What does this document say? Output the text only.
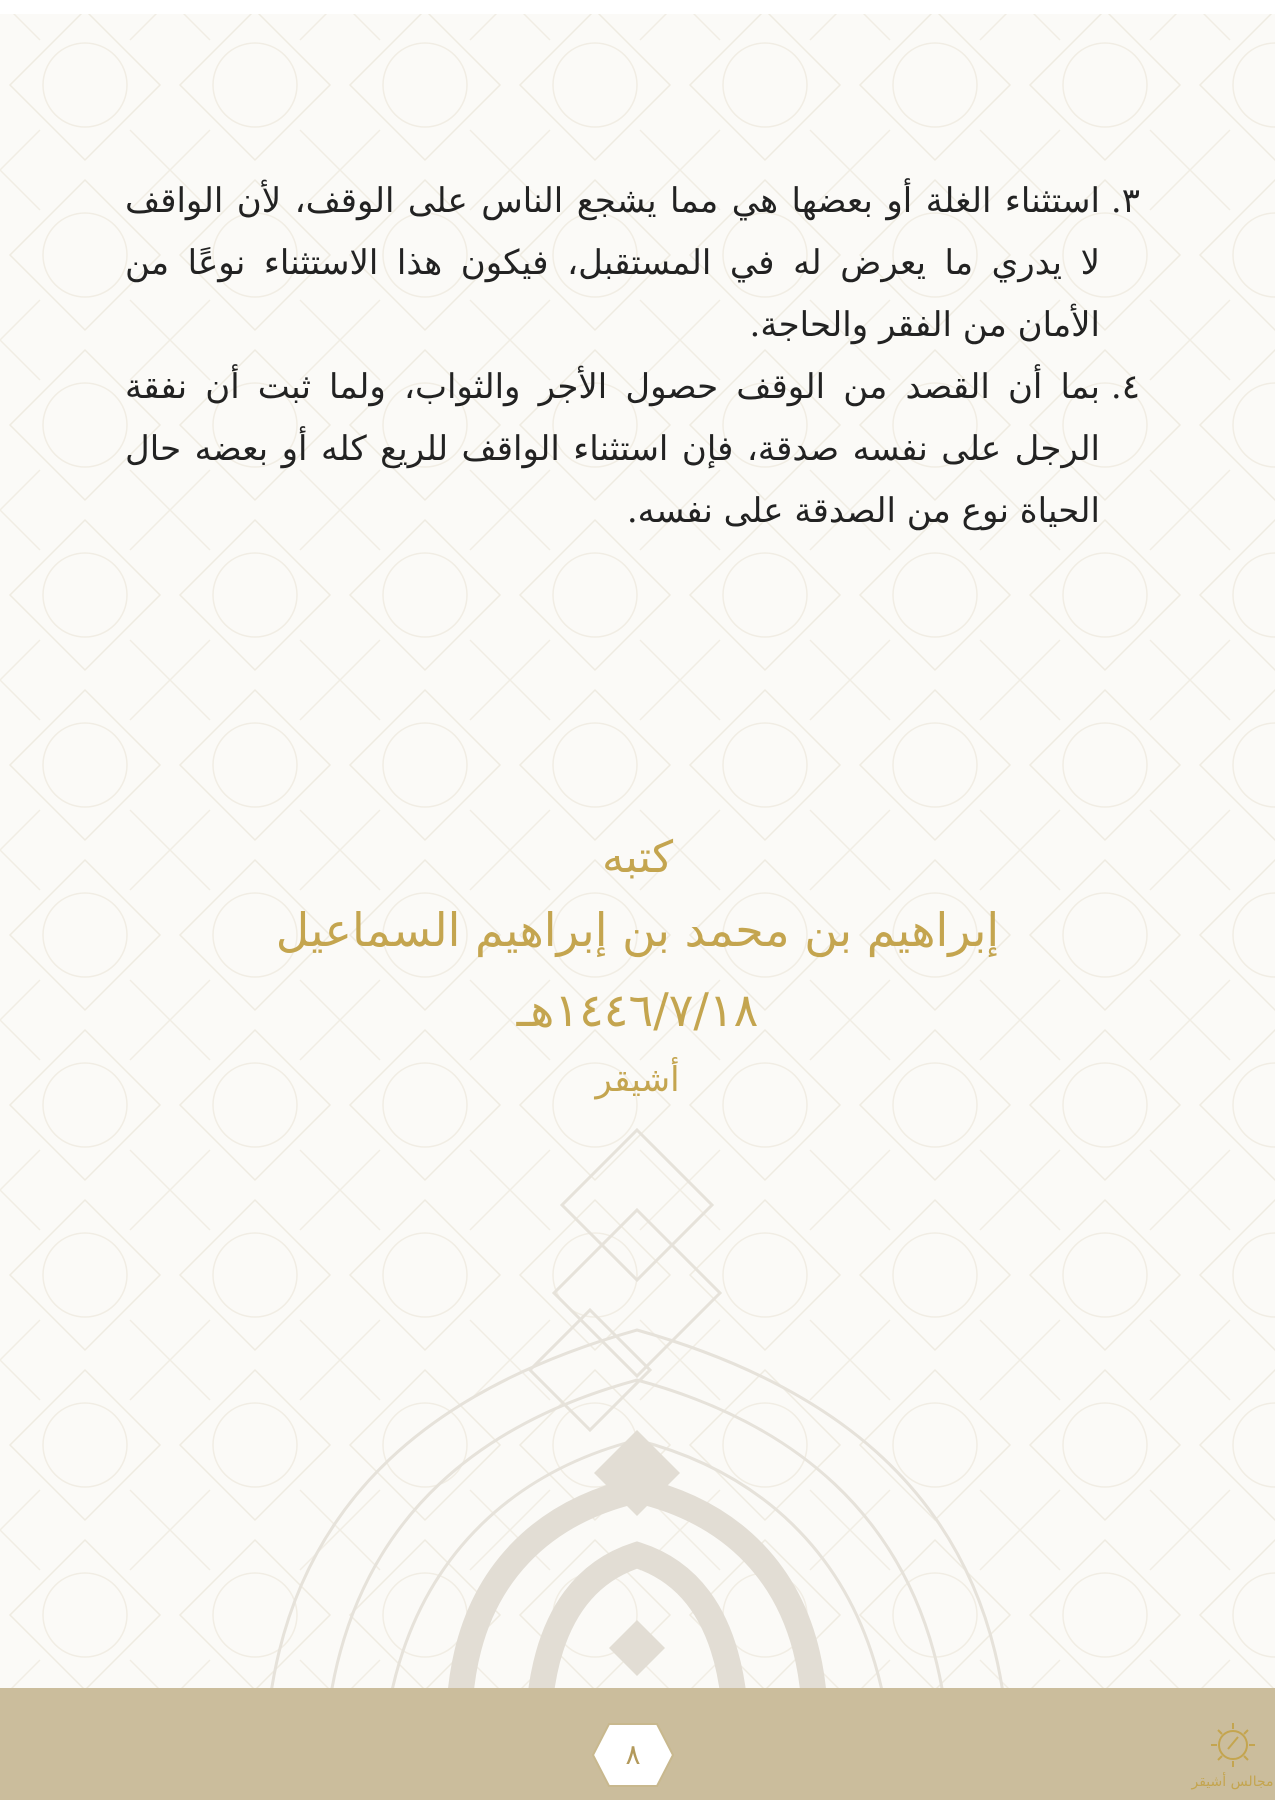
٣.
استثناء الغلة أو بعضها هي مما يشجع الناس على الوقف، لأن الواقف لا يدري ما يعرض له في المستقبل، فيكون هذا الاستثناء نوعًا من الأمان من الفقر والحاجة.
٤.
بما أن القصد من الوقف حصول الأجر والثواب، ولما ثبت أن نفقة الرجل على نفسه صدقة، فإن استثناء الواقف للريع كله أو بعضه حال الحياة نوع من الصدقة على نفسه.
كتبه
إبراهيم بن محمد بن إبراهيم السماعيل
١٤٤٦/٧/١٨هـ
أشيقر
٨
مجالس أشيقر
